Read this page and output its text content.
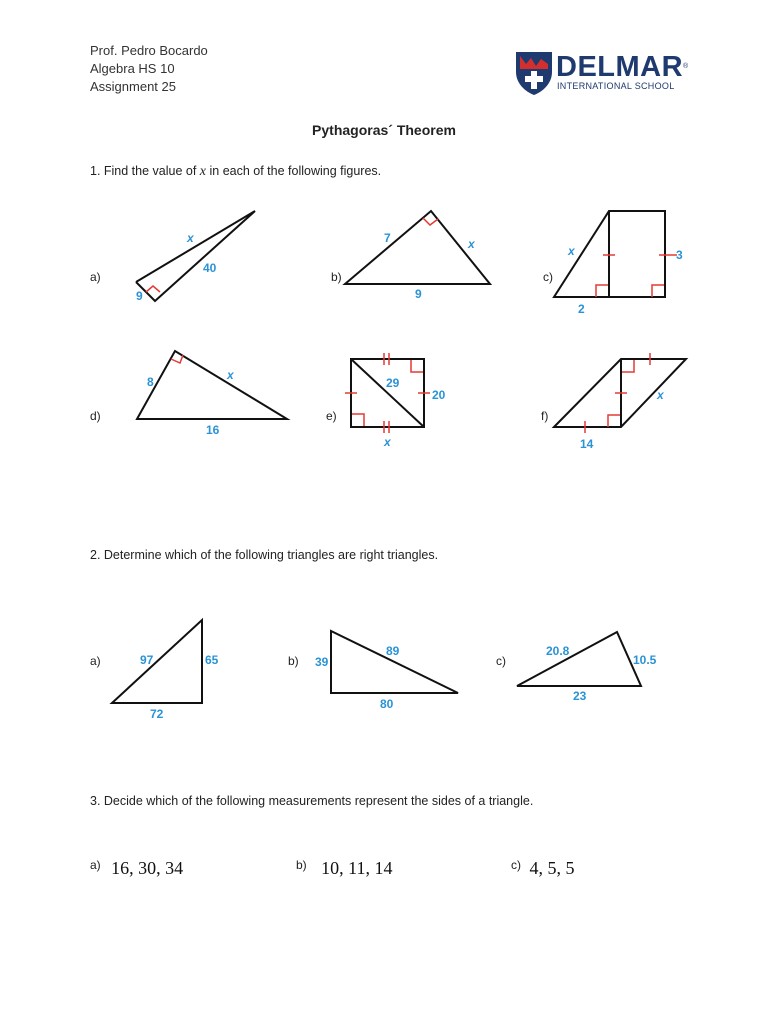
Prof. Pedro Bocardo
Algebra HS 10
Assignment 25
DELMAR®
INTERNATIONAL SCHOOL
Pythagoras´ Theorem
1. Find the value of x in each of the following figures.
a)	b)	c)
d)	e)	f)
x
40
9
7	x
9
x	3
2
8	x
16
29
20
x
x
14
2. Determine which of the following triangles are right triangles.
a)	b)	c)
97	65
72
39
89
80
20.8
10.5
23
3. Decide which of the following measurements represent the sides of a triangle.
$^{a)}$ 16, 30, 34	$^{b)}$ 10, 11, 14	$^{c)}$ 4, 5, 5
